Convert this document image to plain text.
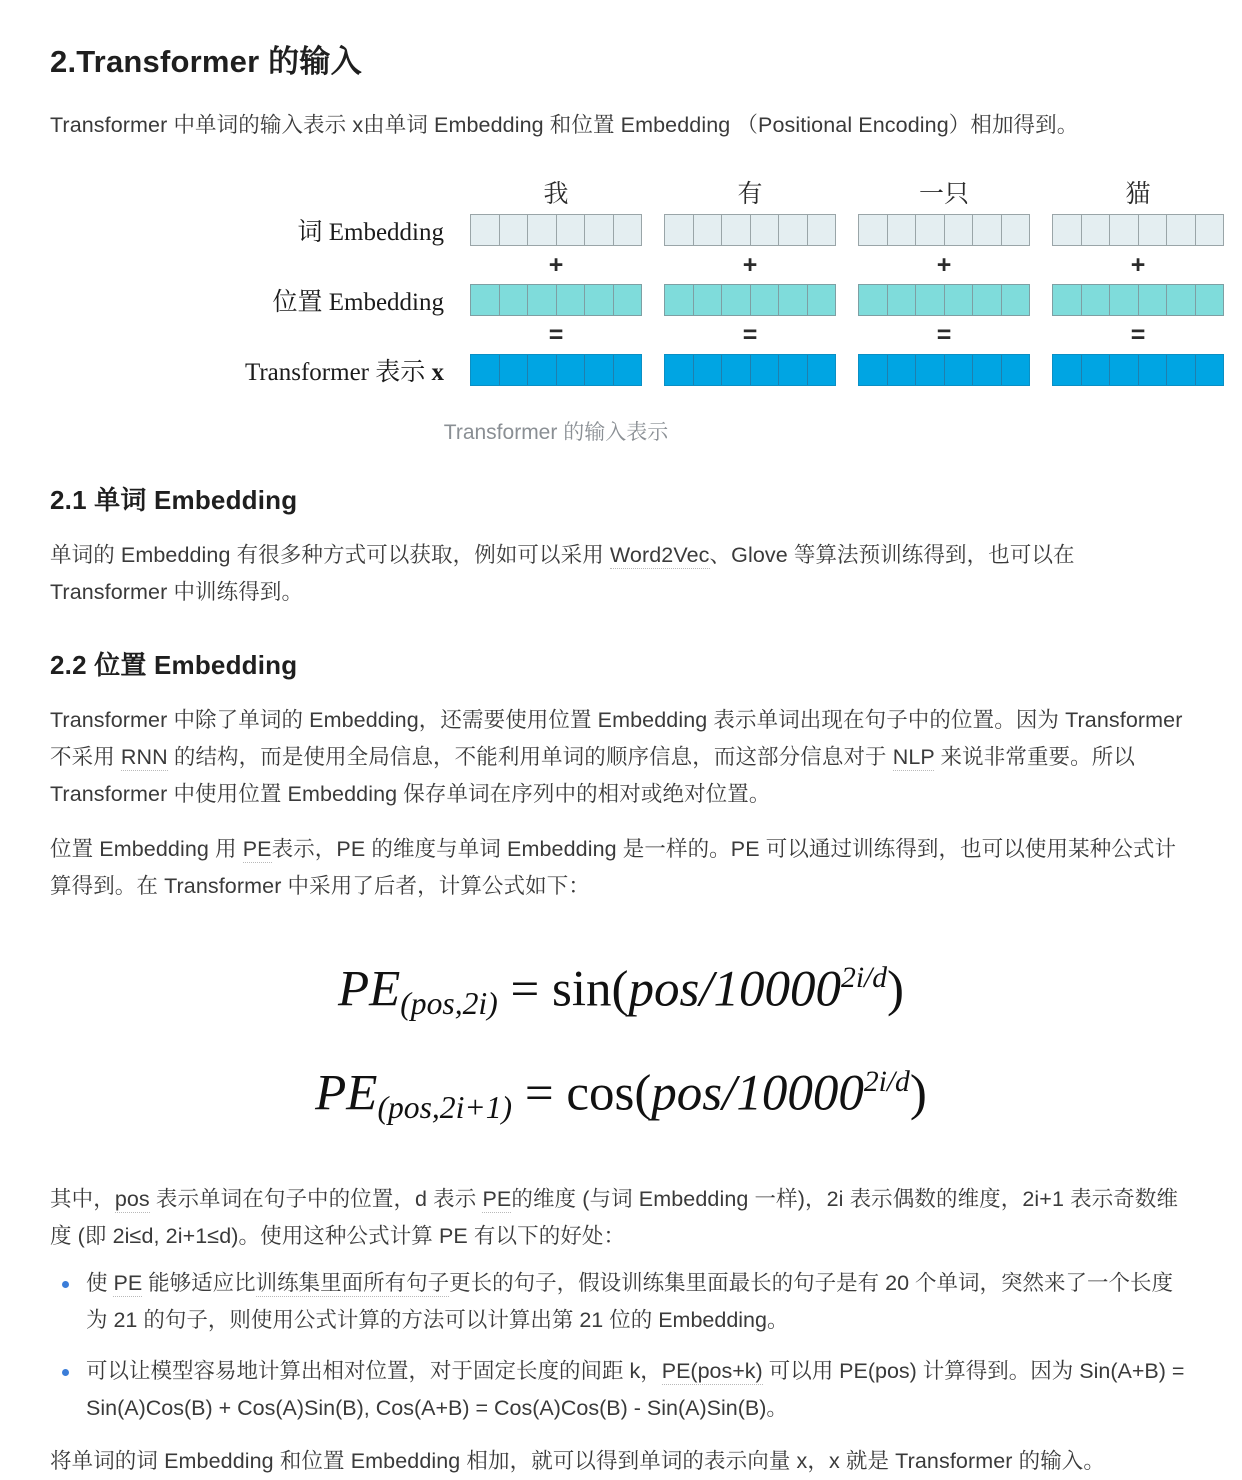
2.Transformer 的输入

Transformer 中单词的输入表示 x由单词 Embedding 和位置 Embedding （Positional Encoding）相加得到。

我	有	一只	猫
词 Embedding
+	+	+	+
位置 Embedding
=	=	=	=
Transformer 表示 x
Transformer 的输入表示
2.1 单词 Embedding

单词的 Embedding 有很多种方式可以获取，例如可以采用 Word2Vec、Glove 等算法预训练得到，也可以在 Transformer 中训练得到。

2.2 位置 Embedding

Transformer 中除了单词的 Embedding，还需要使用位置 Embedding 表示单词出现在句子中的位置。因为 Transformer 不采用 RNN 的结构，而是使用全局信息，不能利用单词的顺序信息，而这部分信息对于 NLP 来说非常重要。所以 Transformer 中使用位置 Embedding 保存单词在序列中的相对或绝对位置。

位置 Embedding 用 PE表示，PE 的维度与单词 Embedding 是一样的。PE 可以通过训练得到，也可以使用某种公式计算得到。在 Transformer 中采用了后者，计算公式如下：

$PE_{(pos,2i)} = \sin(pos/10000^{2i/d})$
$PE_{(pos,2i+1)} = \cos(pos/10000^{2i/d})$

其中，pos 表示单词在句子中的位置，d 表示 PE的维度 (与词 Embedding 一样)，2i 表示偶数的维度，2i+1 表示奇数维度 (即 2i≤d, 2i+1≤d)。使用这种公式计算 PE 有以下的好处：

使 PE 能够适应比训练集里面所有句子更长的句子，假设训练集里面最长的句子是有 20 个单词，突然来了一个长度为 21 的句子，则使用公式计算的方法可以计算出第 21 位的 Embedding。
可以让模型容易地计算出相对位置，对于固定长度的间距 k，PE(pos+k) 可以用 PE(pos) 计算得到。因为 Sin(A+B) = Sin(A)Cos(B) + Cos(A)Sin(B), Cos(A+B) = Cos(A)Cos(B) - Sin(A)Sin(B)。

将单词的词 Embedding 和位置 Embedding 相加，就可以得到单词的表示向量 x，x 就是 Transformer 的输入。
